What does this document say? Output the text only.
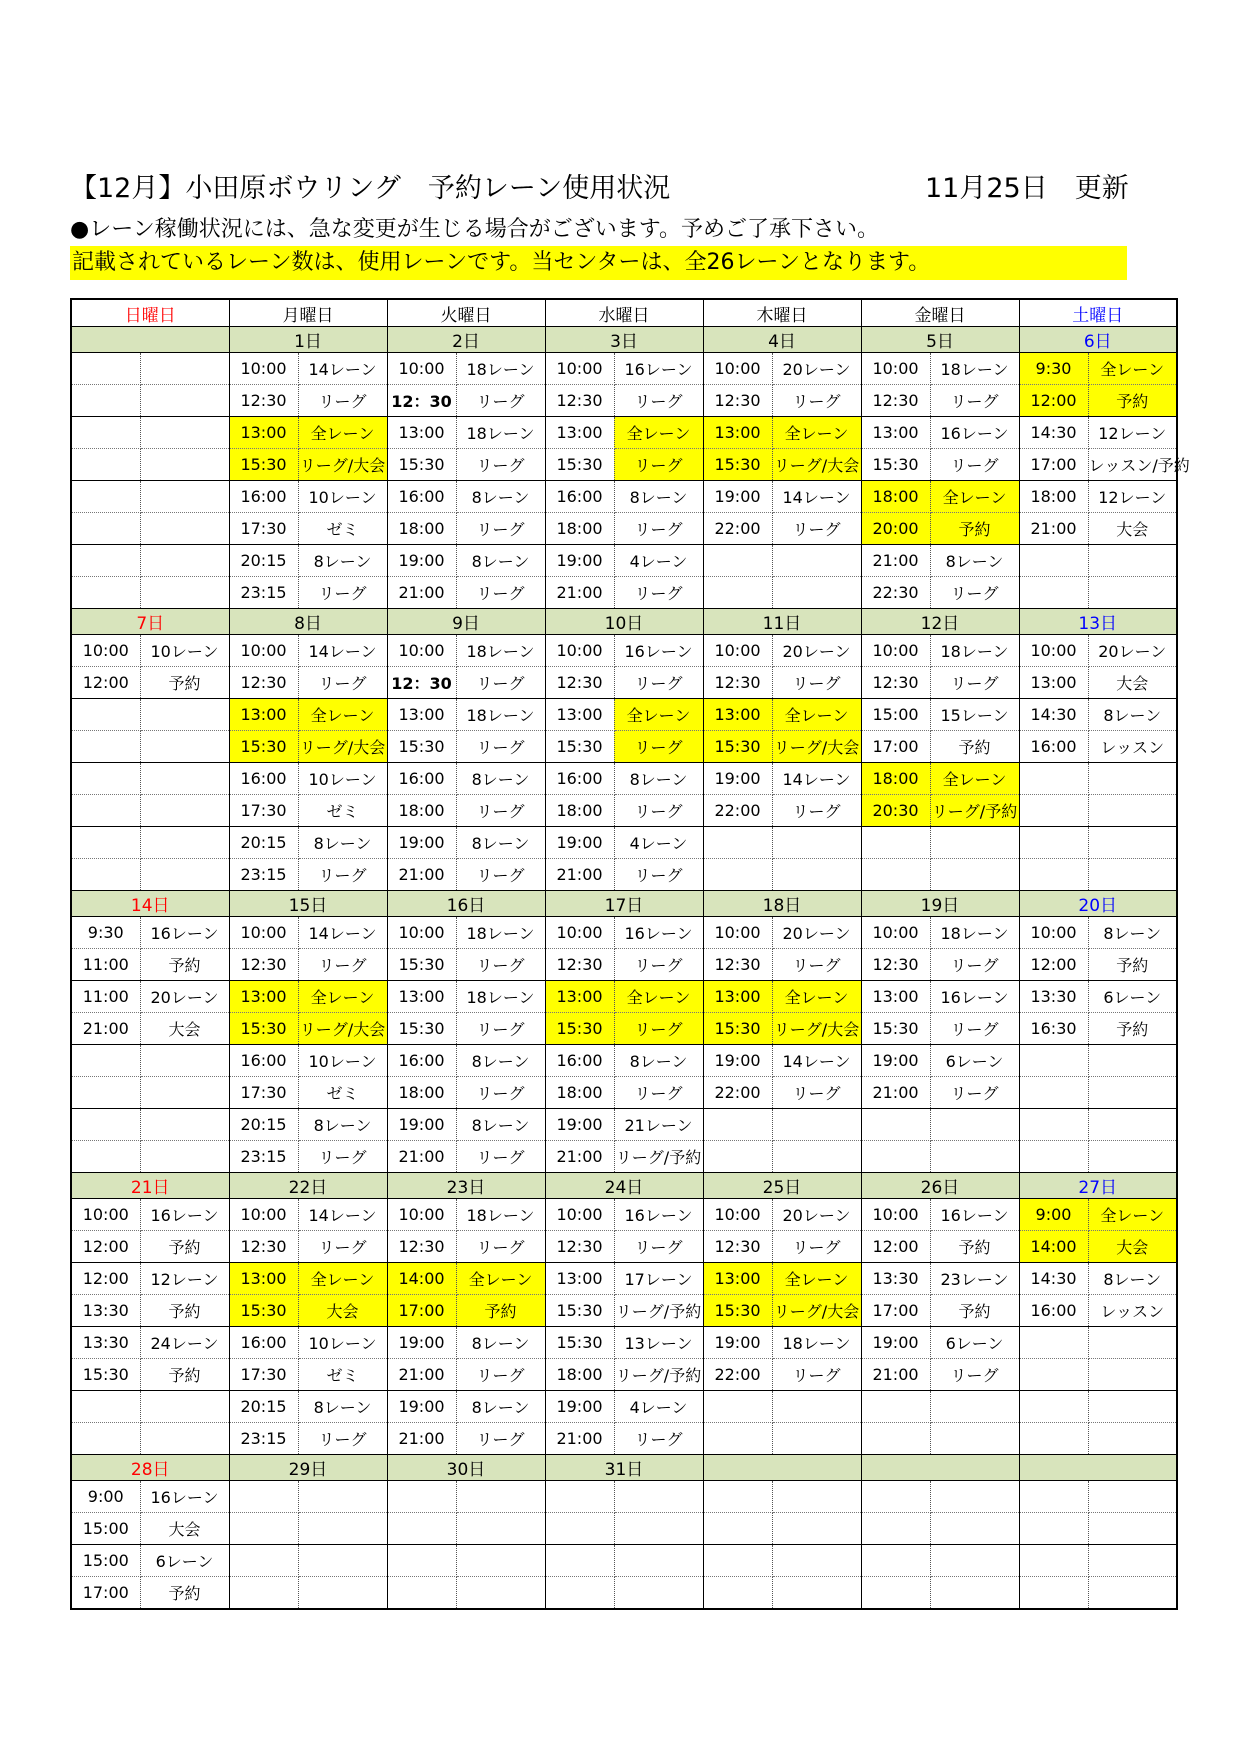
【12月】小田原ボウリング　予約レーン使用状況	11月25日　更新
●レーン稼働状況には、急な変更が生じる場合がございます。予めご了承下さい。
記載されているレーン数は、使用レーンです。当センターは、全26レーンとなります。
日曜日		月曜日		火曜日		水曜日		木曜日		金曜日		土曜日	
		1日		2日		3日		4日		5日		6日	
		10:00	14レーン	10:00	18レーン	10:00	16レーン	10:00	20レーン	10:00	18レーン	9:30	全レーン
		12:30	リーグ	12：30	リーグ	12:30	リーグ	12:30	リーグ	12:30	リーグ	12:00	予約
		13:00	全レーン	13:00	18レーン	13:00	全レーン	13:00	全レーン	13:00	16レーン	14:30	12レーン
		15:30	リーグ/大会	15:30	リーグ	15:30	リーグ	15:30	リーグ/大会	15:30	リーグ	17:00	レッスン/予約
		16:00	10レーン	16:00	8レーン	16:00	8レーン	19:00	14レーン	18:00	全レーン	18:00	12レーン
		17:30	ゼミ	18:00	リーグ	18:00	リーグ	22:00	リーグ	20:00	予約	21:00	大会
		20:15	8レーン	19:00	8レーン	19:00	4レーン			21:00	8レーン		
		23:15	リーグ	21:00	リーグ	21:00	リーグ			22:30	リーグ		
7日		8日		9日		10日		11日		12日		13日	
10:00	10レーン	10:00	14レーン	10:00	18レーン	10:00	16レーン	10:00	20レーン	10:00	18レーン	10:00	20レーン
12:00	予約	12:30	リーグ	12：30	リーグ	12:30	リーグ	12:30	リーグ	12:30	リーグ	13:00	大会
		13:00	全レーン	13:00	18レーン	13:00	全レーン	13:00	全レーン	15:00	15レーン	14:30	8レーン
		15:30	リーグ/大会	15:30	リーグ	15:30	リーグ	15:30	リーグ/大会	17:00	予約	16:00	レッスン
		16:00	10レーン	16:00	8レーン	16:00	8レーン	19:00	14レーン	18:00	全レーン		
		17:30	ゼミ	18:00	リーグ	18:00	リーグ	22:00	リーグ	20:30	リーグ/予約		
		20:15	8レーン	19:00	8レーン	19:00	4レーン						
		23:15	リーグ	21:00	リーグ	21:00	リーグ						
14日		15日		16日		17日		18日		19日		20日	
9:30	16レーン	10:00	14レーン	10:00	18レーン	10:00	16レーン	10:00	20レーン	10:00	18レーン	10:00	8レーン
11:00	予約	12:30	リーグ	15:30	リーグ	12:30	リーグ	12:30	リーグ	12:30	リーグ	12:00	予約
11:00	20レーン	13:00	全レーン	13:00	18レーン	13:00	全レーン	13:00	全レーン	13:00	16レーン	13:30	6レーン
21:00	大会	15:30	リーグ/大会	15:30	リーグ	15:30	リーグ	15:30	リーグ/大会	15:30	リーグ	16:30	予約
		16:00	10レーン	16:00	8レーン	16:00	8レーン	19:00	14レーン	19:00	6レーン		
		17:30	ゼミ	18:00	リーグ	18:00	リーグ	22:00	リーグ	21:00	リーグ		
		20:15	8レーン	19:00	8レーン	19:00	21レーン						
		23:15	リーグ	21:00	リーグ	21:00	リーグ/予約						
21日		22日		23日		24日		25日		26日		27日	
10:00	16レーン	10:00	14レーン	10:00	18レーン	10:00	16レーン	10:00	20レーン	10:00	16レーン	9:00	全レーン
12:00	予約	12:30	リーグ	12:30	リーグ	12:30	リーグ	12:30	リーグ	12:00	予約	14:00	大会
12:00	12レーン	13:00	全レーン	14:00	全レーン	13:00	17レーン	13:00	全レーン	13:30	23レーン	14:30	8レーン
13:30	予約	15:30	大会	17:00	予約	15:30	リーグ/予約	15:30	リーグ/大会	17:00	予約	16:00	レッスン
13:30	24レーン	16:00	10レーン	19:00	8レーン	15:30	13レーン	19:00	18レーン	19:00	6レーン		
15:30	予約	17:30	ゼミ	21:00	リーグ	18:00	リーグ/予約	22:00	リーグ	21:00	リーグ		
		20:15	8レーン	19:00	8レーン	19:00	4レーン						
		23:15	リーグ	21:00	リーグ	21:00	リーグ						
28日		29日		30日		31日							
9:00	16レーン												
15:00	大会												
15:00	6レーン												
17:00	予約												
